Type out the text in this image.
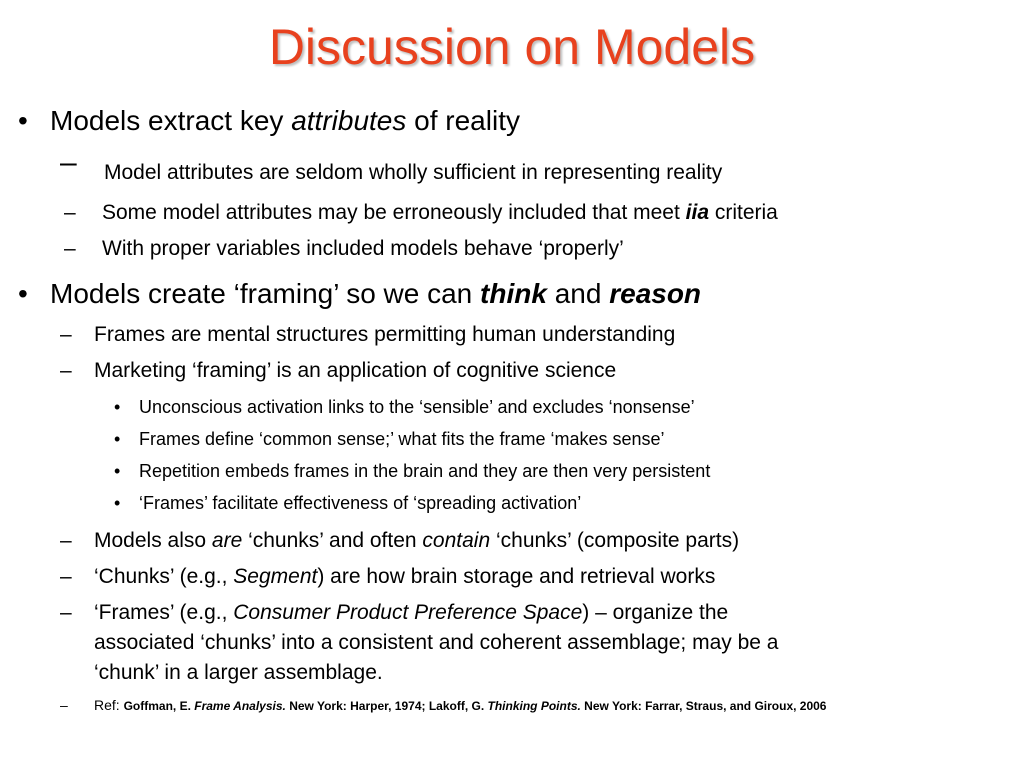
Discussion on Models
• Models extract key attributes of reality
– Model attributes are seldom wholly sufficient in representing reality
– Some model attributes may be erroneously included that meet iia criteria
– With proper variables included models behave ‘properly’
• Models create ‘framing’ so we can think and reason
– Frames are mental structures permitting human understanding
– Marketing ‘framing’ is an application of cognitive science
• Unconscious activation links to the ‘sensible’ and excludes ‘nonsense’
• Frames define ‘common sense;’ what fits the frame ‘makes sense’
• Repetition embeds frames in the brain and they are then very persistent
• ‘Frames’ facilitate effectiveness of ‘spreading activation’
– Models also are ‘chunks’ and often contain ‘chunks’ (composite parts)
– ‘Chunks’ (e.g., Segment) are how brain storage and retrieval works
– ‘Frames’ (e.g., Consumer Product Preference Space) – organize the
associated ‘chunks’ into a consistent and coherent assemblage; may be a
‘chunk’ in a larger assemblage.
– Ref: Goffman, E. Frame Analysis. New York: Harper, 1974; Lakoff, G. Thinking Points. New York: Farrar, Straus, and Giroux, 2006
